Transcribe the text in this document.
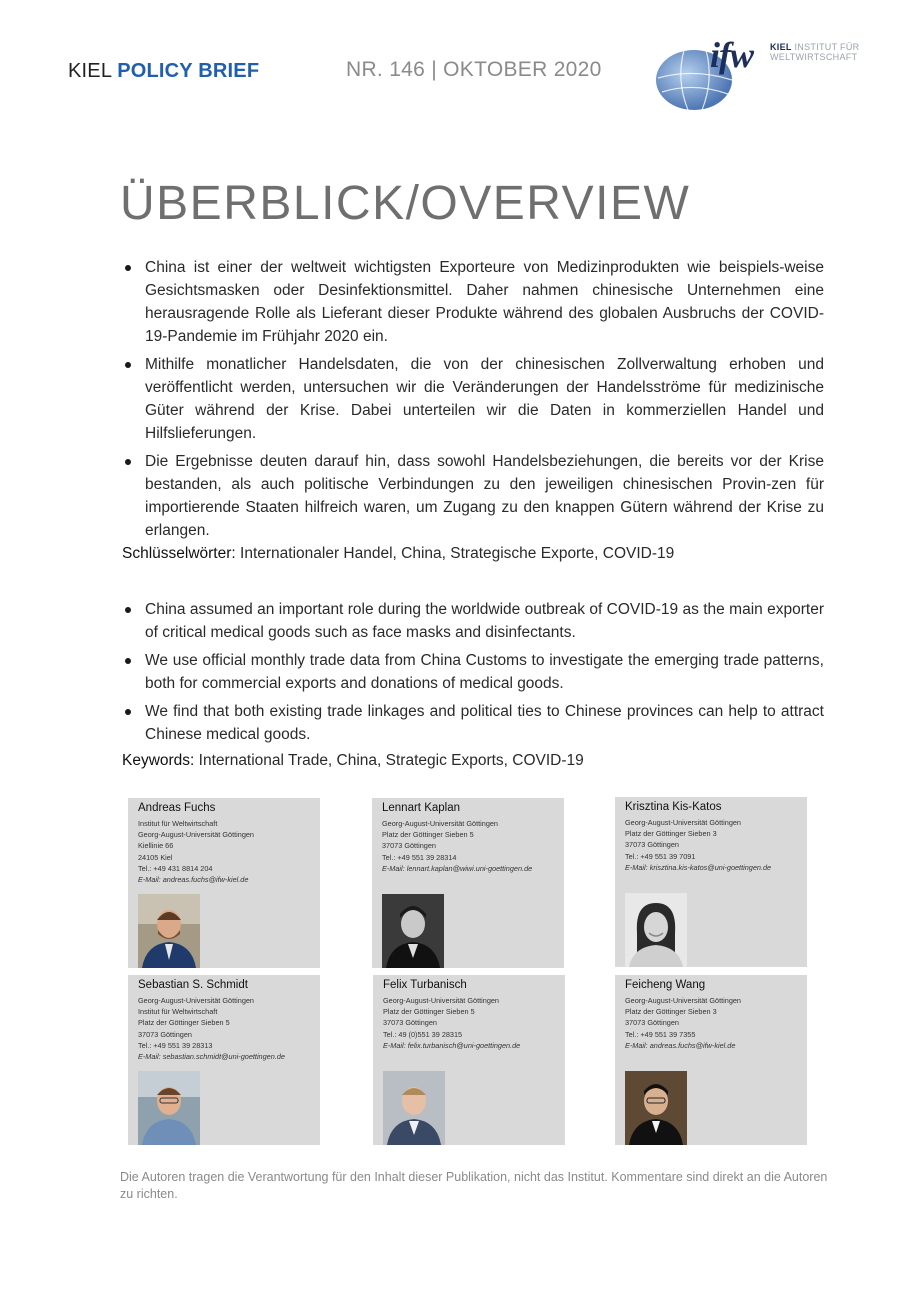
KIEL POLICY BRIEF	NR. 146 | OKTOBER 2020	ifw KIEL INSTITUT FÜR
WELTWIRTSCHAFT
ÜBERBLICK/OVERVIEW
China ist einer der weltweit wichtigsten Exporteure von Medizinprodukten wie beispiels-weise Gesichtsmasken oder Desinfektionsmittel. Daher nahmen chinesische Unternehmen eine herausragende Rolle als Lieferant dieser Produkte während des globalen Ausbruchs der COVID-19-Pandemie im Frühjahr 2020 ein.
Mithilfe monatlicher Handelsdaten, die von der chinesischen Zollverwaltung erhoben und veröffentlicht werden, untersuchen wir die Veränderungen der Handelsströme für medizinische Güter während der Krise. Dabei unterteilen wir die Daten in kommerziellen Handel und Hilfslieferungen.
Die Ergebnisse deuten darauf hin, dass sowohl Handelsbeziehungen, die bereits vor der Krise bestanden, als auch politische Verbindungen zu den jeweiligen chinesischen Provin-zen für importierende Staaten hilfreich waren, um Zugang zu den knappen Gütern während der Krise zu erlangen.
Schlüsselwörter: Internationaler Handel, China, Strategische Exporte, COVID-19
China assumed an important role during the worldwide outbreak of COVID-19 as the main exporter of critical medical goods such as face masks and disinfectants.
We use official monthly trade data from China Customs to investigate the emerging trade patterns, both for commercial exports and donations of medical goods.
We find that both existing trade linkages and political ties to Chinese provinces can help to attract Chinese medical goods.
Keywords: International Trade, China, Strategic Exports, COVID-19
Andreas Fuchs
Institut für Weltwirtschaft
Georg-August-Universität Göttingen
Kiellinie 66
24105 Kiel
Tel.: +49 431 8814 204
E-Mail: andreas.fuchs@ifw-kiel.de
Lennart Kaplan
Georg-August-Universität Göttingen
Platz der Göttinger Sieben 5
37073 Göttingen
Tel.: +49 551 39 28314
E-Mail: lennart.kaplan@wiwi.uni-goettingen.de
Krisztina Kis-Katos
Georg-August-Universität Göttingen
Platz der Göttinger Sieben 3
37073 Göttingen
Tel.: +49 551 39 7091
E-Mail: krisztina.kis-katos@uni-goettingen.de
Sebastian S. Schmidt
Georg-August-Universität Göttingen
Institut für Weltwirtschaft
Platz der Göttinger Sieben 5
37073 Göttingen
Tel.: +49 551 39 28313
E-Mail: sebastian.schmidt@uni-goettingen.de
Felix Turbanisch
Georg-August-Universität Göttingen
Platz der Göttinger Sieben 5
37073 Göttingen
Tel.: 49 (0)551 39 28315
E-Mail: felix.turbanisch@uni-goettingen.de
Feicheng Wang
Georg-August-Universität Göttingen
Platz der Göttinger Sieben 3
37073 Göttingen
Tel.: +49 551 39 7355
E-Mail: andreas.fuchs@ifw-kiel.de
Die Autoren tragen die Verantwortung für den Inhalt dieser Publikation, nicht das Institut. Kommentare sind direkt an die Autoren zu richten.
